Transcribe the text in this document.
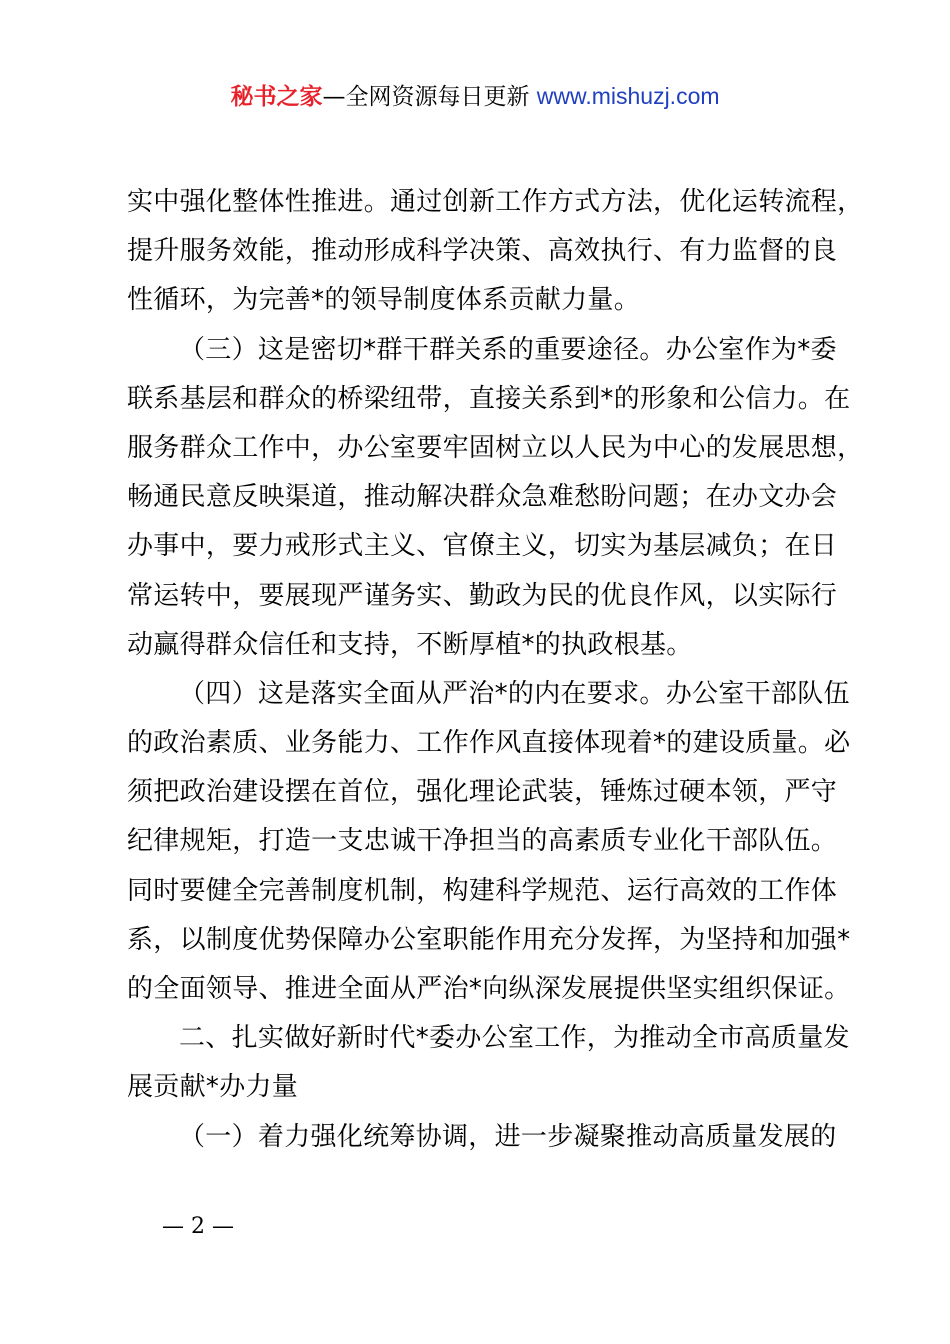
秘书之家—全网资源每日更新 www.mishuzj.com
实中强化整体性推进。通过创新工作方式方法，优化运转流程，
提升服务效能，推动形成科学决策、高效执行、有力监督的良
性循环，为完善*的领导制度体系贡献力量。
（三）这是密切*群干群关系的重要途径。办公室作为*委
联系基层和群众的桥梁纽带，直接关系到*的形象和公信力。在
服务群众工作中，办公室要牢固树立以人民为中心的发展思想，
畅通民意反映渠道，推动解决群众急难愁盼问题；在办文办会
办事中，要力戒形式主义、官僚主义，切实为基层减负；在日
常运转中，要展现严谨务实、勤政为民的优良作风，以实际行
动赢得群众信任和支持，不断厚植*的执政根基。
（四）这是落实全面从严治*的内在要求。办公室干部队伍
的政治素质、业务能力、工作作风直接体现着*的建设质量。必
须把政治建设摆在首位，强化理论武装，锤炼过硬本领，严守
纪律规矩，打造一支忠诚干净担当的高素质专业化干部队伍。
同时要健全完善制度机制，构建科学规范、运行高效的工作体
系，以制度优势保障办公室职能作用充分发挥，为坚持和加强*
的全面领导、推进全面从严治*向纵深发展提供坚实组织保证。
二、扎实做好新时代*委办公室工作，为推动全市高质量发
展贡献*办力量
（一）着力强化统筹协调，进一步凝聚推动高质量发展的
— 2 —
